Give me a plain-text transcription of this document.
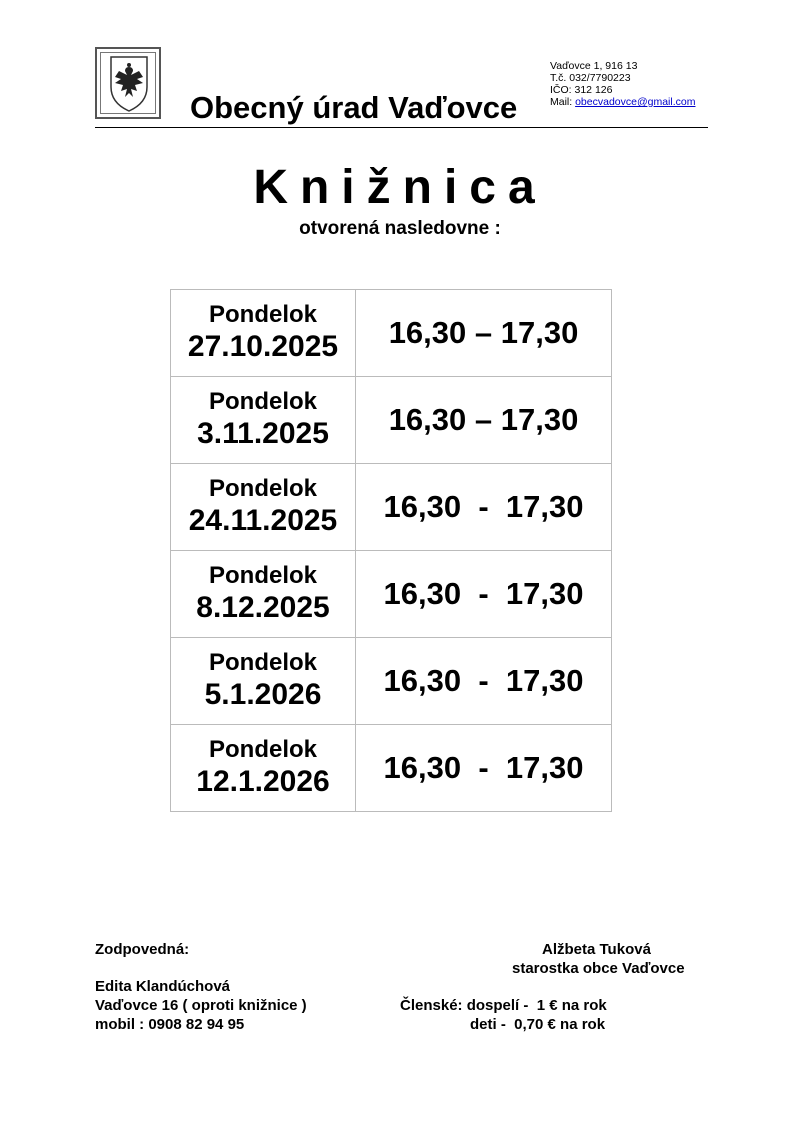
Obecný úrad Vaďovce
Vaďovce 1, 916 13
T.č. 032/7790223
IČO: 312 126
Mail: obecvadovce@gmail.com
Knižnica
otvorená nasledovne :
Pondelok
27.10.2025	16,30 – 17,30

Pondelok
3.11.2025	16,30 – 17,30

Pondelok
24.11.2025	16,30  -  17,30

Pondelok
8.12.2025	16,30  -  17,30

Pondelok
5.1.2026	16,30  -  17,30

Pondelok
12.1.2026	16,30  -  17,30
Zodpovedná:
Edita Klandúchová
Vaďovce 16 ( oproti knižnice )
mobil : 0908 82 94 95
Alžbeta Tuková
starostka obce Vaďovce
Členské: dospelí -  1 € na rok
deti -  0,70 € na rok
